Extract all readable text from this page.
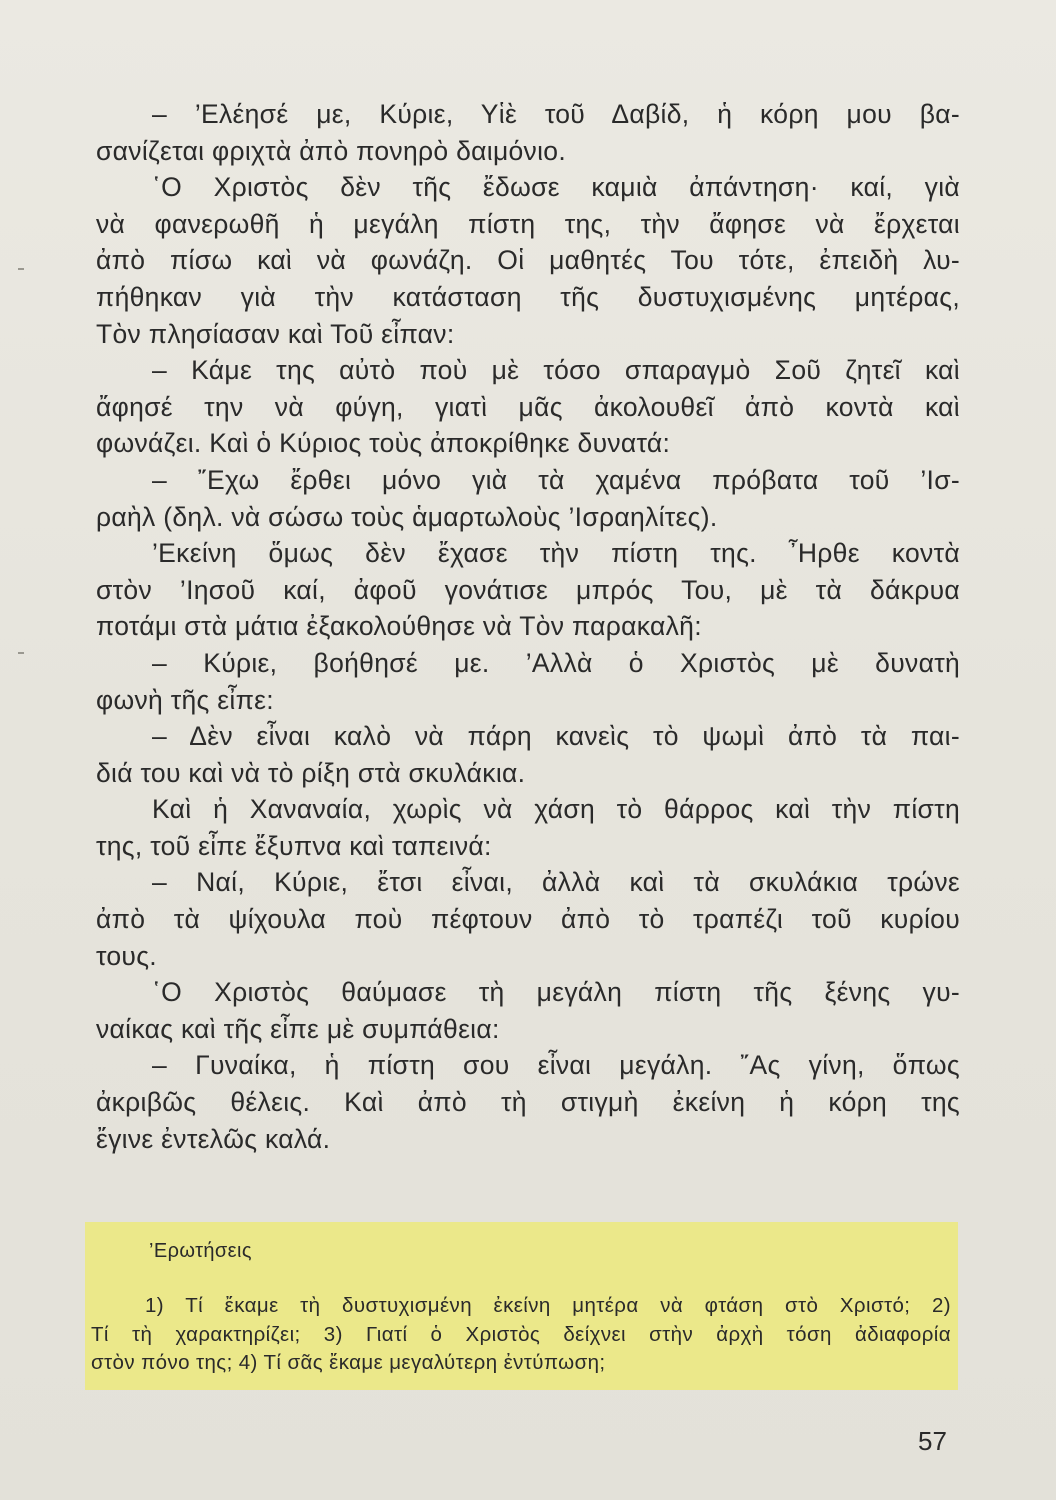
– ’Ελέησέ με, Κύριε, Υἱὲ τοῦ Δαβίδ, ἡ κόρη μου βα-
σανίζεται φριχτὰ ἀπὸ πονηρὸ δαιμόνιο.
῾Ο Χριστὸς δὲν τῆς ἔδωσε καμιὰ ἀπάντηση· καί, γιὰ
νὰ φανερωθῆ ἡ μεγάλη πίστη της, τὴν ἄφησε νὰ ἔρχεται
ἀπὸ πίσω καὶ νὰ φωνάζη. Οἱ μαθητές Του τότε, ἐπειδὴ λυ-
πήθηκαν γιὰ τὴν κατάσταση τῆς δυστυχισμένης μητέρας,
Τὸν πλησίασαν καὶ Τοῦ εἶπαν:
– Κάμε της αὐτὸ ποὺ μὲ τόσο σπαραγμὸ Σοῦ ζητεῖ καὶ
ἄφησέ την νὰ φύγη, γιατὶ μᾶς ἀκολουθεῖ ἀπὸ κοντὰ καὶ
φωνάζει. Καὶ ὁ Κύριος τοὺς ἀποκρίθηκε δυνατά:
– ῎Εχω ἔρθει μόνο γιὰ τὰ χαμένα πρόβατα τοῦ ’Ισ-
ραὴλ (δηλ. νὰ σώσω τοὺς ἁμαρτωλοὺς ’Ισραηλίτες).
’Εκείνη ὅμως δὲν ἔχασε τὴν πίστη της. ῏Ηρθε κοντὰ
στὸν ’Ιησοῦ καί, ἀφοῦ γονάτισε μπρός Του, μὲ τὰ δάκρυα
ποτάμι στὰ μάτια ἐξακολούθησε νὰ Τὸν παρακαλῆ:
– Κύριε, βοήθησέ με. ’Αλλὰ ὁ Χριστὸς μὲ δυνατὴ
φωνὴ τῆς εἶπε:
– Δὲν εἶναι καλὸ νὰ πάρη κανεὶς τὸ ψωμὶ ἀπὸ τὰ παι-
διά του καὶ νὰ τὸ ρίξη στὰ σκυλάκια.
Καὶ ἡ Χαναναία, χωρὶς νὰ χάση τὸ θάρρος καὶ τὴν πίστη
της, τοῦ εἶπε ἔξυπνα καὶ ταπεινά:
– Ναί, Κύριε, ἔτσι εἶναι, ἀλλὰ καὶ τὰ σκυλάκια τρώνε
ἀπὸ τὰ ψίχουλα ποὺ πέφτουν ἀπὸ τὸ τραπέζι τοῦ κυρίου
τους.
῾Ο Χριστὸς θαύμασε τὴ μεγάλη πίστη τῆς ξένης γυ-
ναίκας καὶ τῆς εἶπε μὲ συμπάθεια:
– Γυναίκα, ἡ πίστη σου εἶναι μεγάλη. ῎Ας γίνη, ὅπως
ἀκριβῶς θέλεις. Καὶ ἀπὸ τὴ στιγμὴ ἐκείνη ἡ κόρη της
ἔγινε ἐντελῶς καλά.
’Ερωτήσεις
1) Τί ἔκαμε τὴ δυστυχισμένη ἐκείνη μητέρα νὰ φτάση στὸ Χριστό; 2)
Τί τὴ χαρακτηρίζει; 3) Γιατί ὁ Χριστὸς δείχνει στὴν ἀρχὴ τόση ἀδιαφορία
στὸν πόνο της; 4) Τί σᾶς ἔκαμε μεγαλύτερη ἐντύπωση;
57
